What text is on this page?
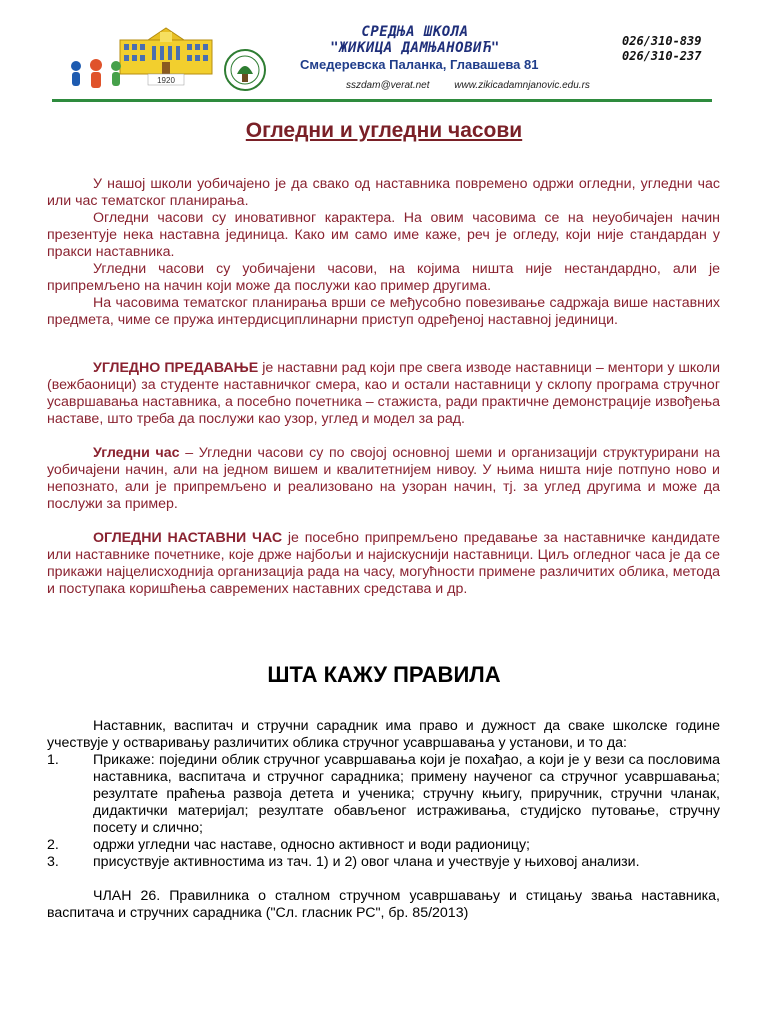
1920
СРЕДЊА ШКОЛА
"ЖИКИЦА ДАМЊАНОВИЋ"
Смедеревска Паланка, Главашева 81
026/310-839
026/310-237
sszdam@verat.net www.zikicadamnjanovic.edu.rs
Огледни и угледни часови

У нашој школи уобичајено је да свако од наставника повремено одржи огледни, угледни час или час тематског планирања.

Огледни часови су иновативног карактера. На овим часовима се на неуобичајен начин презентује нека наставна јединица. Како им само име каже, реч je огледу, који није стандардан у пракси наставника.

Угледни часови су уобичајени часови, на којима ништа није нестандардно, али је припремљено на начин који може да послужи као пример другима.

На часовима тематског планирања врши се међусобно повезивање садржаја више наставних предмета, чиме се пружа интердисциплинарни приступ одређеној наставној јединици.

УГЛЕДНО ПРЕДАВАЊЕ је наставни рад који пре свега изводе наставници – ментори у школи (вежбаоници) за студенте наставничког смера, као и остали наставници у склопу програма стручног усавршавања наставника, а посебно почетника – стажиста, ради практичне демонстрације извођења наставе, што треба да послужи као узор, углед и модел за рад.

Угледни час – Угледни часови су по својој основној шеми и организацији структурирани на уобичајени начин, али на једном вишем и квалитетнијем нивоу. У њима ништа није потпуно ново и непознато, али је припремљено и реализовано на узоран начин, тј. за углед другима и може да послужи за пример.

ОГЛЕДНИ НАСТАВНИ ЧАС је посебно припремљено предавање за наставничке кандидате или наставнике почетнике, које држе најбољи и најискуснији наставници. Циљ огледног часа је да се прикажи најцелисходнија организација рада на часу, могућности примене различитих облика, метода и поступака коришћења савремених наставних средстава и др.

ШТА КАЖУ ПРАВИЛА

Наставник, васпитач и стручни сарадник има право и дужност да сваке школске године учествује у остваривању различитих облика стручног усавршавања у установи, и то да:

1. Прикаже: поједини облик стручног усавршавања који је похађао, а који је у вези са пословима наставника, васпитача и стручног сарадника; примену наученог са стручног усавршавања; резултате праћења развоја детета и ученика; стручну књигу, приручник, стручни чланак, дидактички материјал; резултате обављеног истраживања, студијско путовање, стручну посету и слично;

2. одржи угледни час наставе, односно активност и води радионицу;

3. присуствује активностима из тач. 1) и 2) овог члана и учествује у њиховој анализи.

ЧЛАН 26. Правилника о сталном стручном усавршавању и стицању звања наставника, васпитача и стручних сарадника ("Сл. гласник РС", бр. 85/2013)
